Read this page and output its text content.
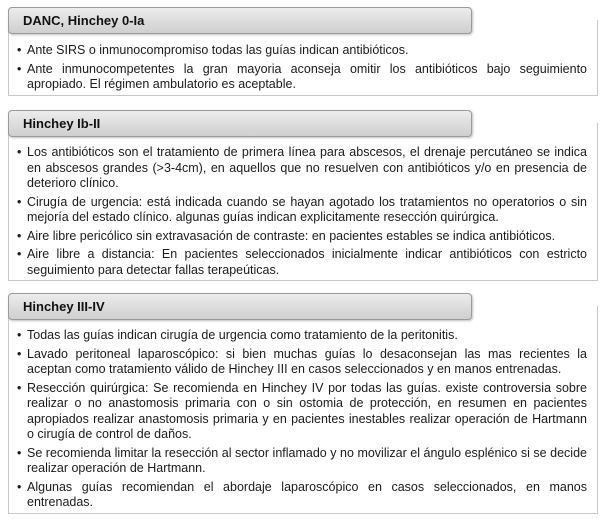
DANC, Hinchey 0-Ia
• Ante SIRS o inmunocompromiso todas las guías indican antibióticos.
• Ante inmunocompetentes la gran mayoria aconseja omitir los antibióticos bajo seguimiento apropiado. El régimen ambulatorio es aceptable.
Hinchey Ib-II
• Los antibióticos son el tratamiento de primera línea para abscesos, el drenaje percutáneo se indica en abscesos grandes (>3-4cm), en aquellos que no resuelven con antibióticos y/o en presencia de deterioro clínico.
• Cirugía de urgencia: está indicada cuando se hayan agotado los tratamientos no operatorios o sin mejoría del estado clínico. algunas guías indican explicitamente resección quirúrgica.
• Aire libre pericólico sin extravasación de contraste: en pacientes estables se indica antibióticos.
• Aire libre a distancia: En pacientes seleccionados inicialmente indicar antibióticos con estricto seguimiento para detectar fallas terapeúticas.
Hinchey III-IV
• Todas las guías indican cirugía de urgencia como tratamiento de la peritonitis.
• Lavado peritoneal laparoscópico: si bien muchas guías lo desaconsejan las mas recientes la aceptan como tratamiento válido de Hinchey III en casos seleccionados y en manos entrenadas.
• Resección quirúrgica: Se recomienda en Hinchey IV por todas las guías. existe controversia sobre realizar o no anastomosis primaria con o sin ostomia de protección, en resumen en pacientes apropiados realizar anastomosis primaria y en pacientes inestables realizar operación de Hartmann o cirugía de control de daños.
• Se recomienda limitar la resección al sector inflamado y no movilizar el ángulo esplénico si se decide realizar operación de Hartmann.
• Algunas guías recomiendan el abordaje laparoscópico en casos seleccionados, en manos entrenadas.
